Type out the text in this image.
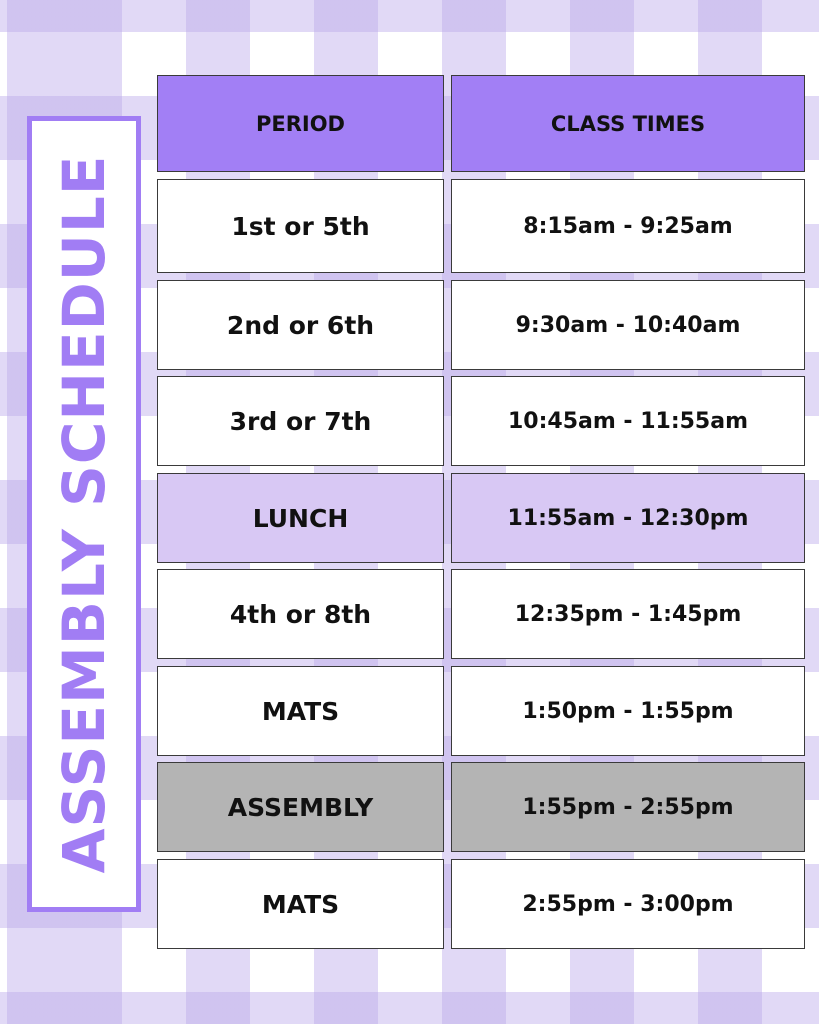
ASSEMBLY SCHEDULE
PERIOD	CLASS TIMES
1st or 5th	8:15am - 9:25am
2nd or 6th	9:30am - 10:40am
3rd or 7th	10:45am - 11:55am
LUNCH	11:55am - 12:30pm
4th or 8th	12:35pm - 1:45pm
MATS	1:50pm - 1:55pm
ASSEMBLY	1:55pm - 2:55pm
MATS	2:55pm - 3:00pm
